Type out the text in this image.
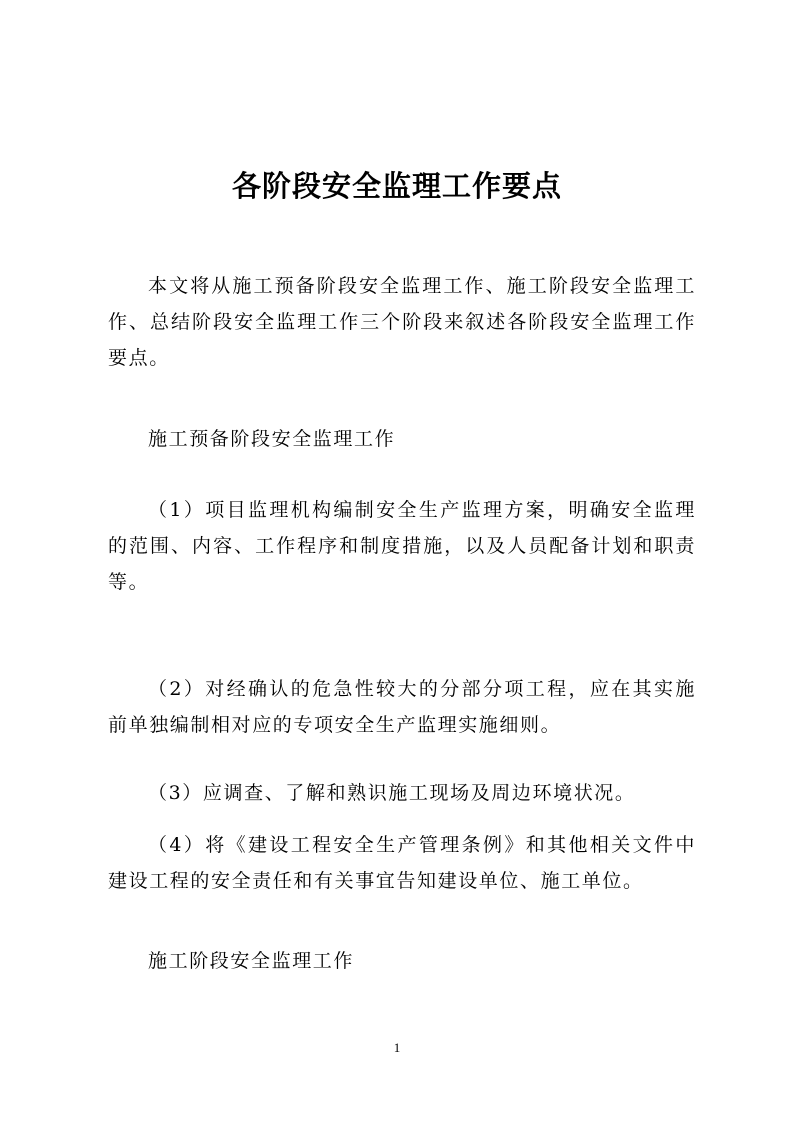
各阶段安全监理工作要点

本文将从施工预备阶段安全监理工作、施工阶段安全监理工作、总结阶段安全监理工作三个阶段来叙述各阶段安全监理工作要点。

施工预备阶段安全监理工作

（1）项目监理机构编制安全生产监理方案，明确安全监理的范围、内容、工作程序和制度措施，以及人员配备计划和职责等。

（2）对经确认的危急性较大的分部分项工程，应在其实施前单独编制相对应的专项安全生产监理实施细则。

（3）应调查、了解和熟识施工现场及周边环境状况。

（4）将《建设工程安全生产管理条例》和其他相关文件中建设工程的安全责任和有关事宜告知建设单位、施工单位。

施工阶段安全监理工作

1
